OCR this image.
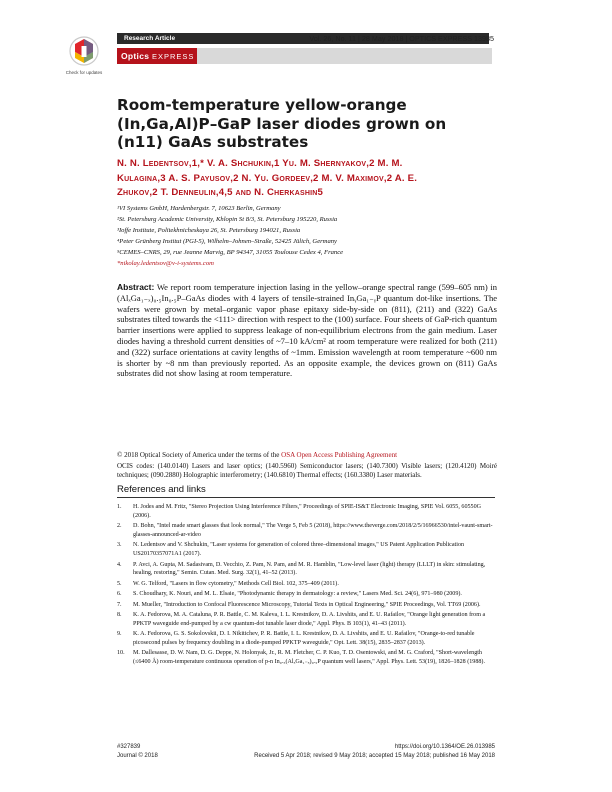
Check for updates
Research Article	Vol. 26, No. 11 | 28 May 2018 | OPTICS EXPRESS 13985
Optics EXPRESS
Room-temperature yellow-orange (In,Ga,Al)P–GaP laser diodes grown on (n11) GaAs substrates
N. N. Ledentsov,1,* V. A. Shchukin,1 Yu. M. Shernyakov,2 M. M.
Kulagina,3 A. S. Payusov,2 N. Yu. Gordeev,2 M. V. Maximov,2 A. E.
Zhukov,2 T. Denneulin,4,5 and N. Cherkashin5
¹VI Systems GmbH, Hardenbergstr. 7, 10623 Berlin, Germany
²St. Petersburg Academic University, Khlopin St 8/3, St. Petersburg 195220, Russia
³Ioffe Institute, Politekhnicheskaya 26, St. Petersburg 194021, Russia
⁴Peter Grünberg Institut (PGI-5), Wilhelm–Johnen–Straße, 52425 Jülich, Germany
⁵CEMES–CNRS, 29, rue Jeanne Marvig, BP 94347, 31055 Toulouse Cedex 4, France
*nikolay.ledentsov@v-i-systems.com
Abstract: We report room temperature injection lasing in the yellow–orange spectral range (599–605 nm) in (AlₓGa₁₋ₓ)₀.₅In₀.₅P–GaAs diodes with 4 layers of tensile-strained InᵧGa₁₋ᵧP quantum dot-like insertions. The wafers were grown by metal–organic vapor phase epitaxy side-by-side on (811), (211) and (322) GaAs substrates tilted towards the <111> direction with respect to the (100) surface. Four sheets of GaP-rich quantum barrier insertions were applied to suppress leakage of non-equilibrium electrons from the gain medium. Laser diodes having a threshold current densities of ~7–10 kA/cm² at room temperature were realized for both (211) and (322) surface orientations at cavity lengths of ~1mm. Emission wavelength at room temperature ~600 nm is shorter by ~8 nm than previously reported. As an opposite example, the devices grown on (811) GaAs substrates did not show lasing at room temperature.
© 2018 Optical Society of America under the terms of the OSA Open Access Publishing Agreement
OCIS codes: (140.0140) Lasers and laser optics; (140.5960) Semiconductor lasers; (140.7300) Visible lasers; (120.4120) Moiré techniques; (090.2880) Holographic interferometry; (140.6810) Thermal effects; (160.3380) Laser materials.
References and links
1. H. Jodes and M. Fritz, "Stereo Projection Using Interference Filters," Proceedings of SPIE-IS&T Electronic Imaging, SPIE Vol. 6055, 60550G (2006).
2. D. Bohn, "Intel made smart glasses that look normal," The Verge 5, Feb 5 (2018), https://www.theverge.com/2018/2/5/16966530/intel-vaunt-smart-glasses-announced-ar-video
3. N. Ledentsov and V. Shchukin, "Laser systems for generation of colored three–dimensional images," US Patent Application Publication US20170357071A1 (2017).
4. P. Avci, A. Gupta, M. Sadasivam, D. Vecchio, Z. Pam, N. Pam, and M. R. Hamblin, "Low-level laser (light) therapy (LLLT) in skin: stimulating, healing, restoring," Semin. Cutan. Med. Surg. 32(1), 41–52 (2013).
5. W. G. Telford, "Lasers in flow cytometry," Methods Cell Biol. 102, 375–409 (2011).
6. S. Choudhary, K. Nouri, and M. L. Elsaie, "Photodynamic therapy in dermatology: a review," Lasers Med. Sci. 24(6), 971–980 (2009).
7. M. Mueller, "Introduction to Confocal Fluorescence Microscopy, Tutorial Texts in Optical Engineering," SPIE Proceedings, Vol. TT69 (2006).
8. K. A. Fedorova, M. A. Cataluna, P. R. Battle, C. M. Kaleva, I. L. Krestnikov, D. A. Livshits, and E. U. Rafailov, "Orange light generation from a PPKTP waveguide end-pumped by a cw quantum-dot tunable laser diode," Appl. Phys. B 103(1), 41–43 (2011).
9. K. A. Fedorova, G. S. Sokolovskii, D. I. Nikitichev, P. R. Battle, I. L. Krestnikov, D. A. Livshits, and E. U. Rafailov, "Orange-to-red tunable picosecond pulses by frequency doubling in a diode-pumped PPKTP waveguide," Opt. Lett. 38(15), 2835–2837 (2013).
10. M. Dallesasse, D. W. Nam, D. G. Deppe, N. Holonyak, Jr., R. M. Fletcher, C. P. Kuo, T. D. Osentowski, and M. G. Craford, "Short-wavelength (≤6400 Å) room-temperature continuous operation of p-n In₀.₅(AlₓGa₁₋ₓ)₀.₅P quantum well lasers," Appl. Phys. Lett. 53(19), 1826–1828 (1988).
#327839	https://doi.org/10.1364/OE.26.013985
Journal © 2018	Received 5 Apr 2018; revised 9 May 2018; accepted 15 May 2018; published 16 May 2018
